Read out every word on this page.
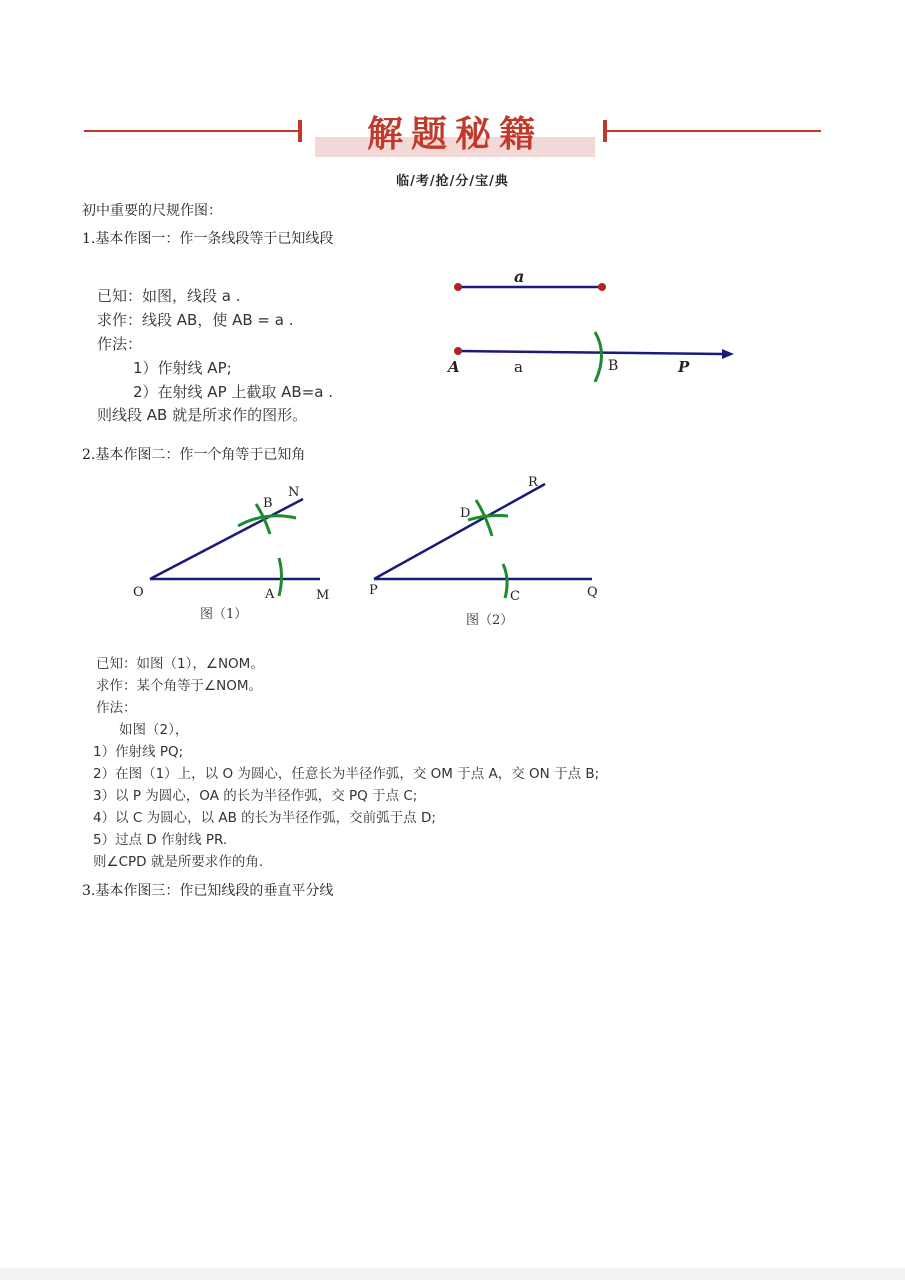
解题秘籍
临/考/抢/分/宝/典
初中重要的尺规作图：
1.基本作图一：作一条线段等于已知线段
已知：如图，线段 a .
求作：线段 AB，使 AB = a .
作法：
1）作射线 AP;
2）在射线 AP 上截取 AB=a .
则线段 AB 就是所求作的图形。
a
A	a	B	P
2.基本作图二：作一个角等于已知角
O	A	M
B
N
图（1）
P	C	Q
D
R
图（2）
已知：如图（1），∠NOM。
求作：某个角等于∠NOM。
作法：
如图（2），
1）作射线 PQ;
2）在图（1）上，以 O 为圆心，任意长为半径作弧，交 OM 于点 A，交 ON 于点 B;
3）以 P 为圆心，OA 的长为半径作弧，交 PQ 于点 C;
4）以 C 为圆心，以 AB 的长为半径作弧，交前弧于点 D;
5）过点 D 作射线 PR.
则∠CPD 就是所要求作的角.
3.基本作图三：作已知线段的垂直平分线
